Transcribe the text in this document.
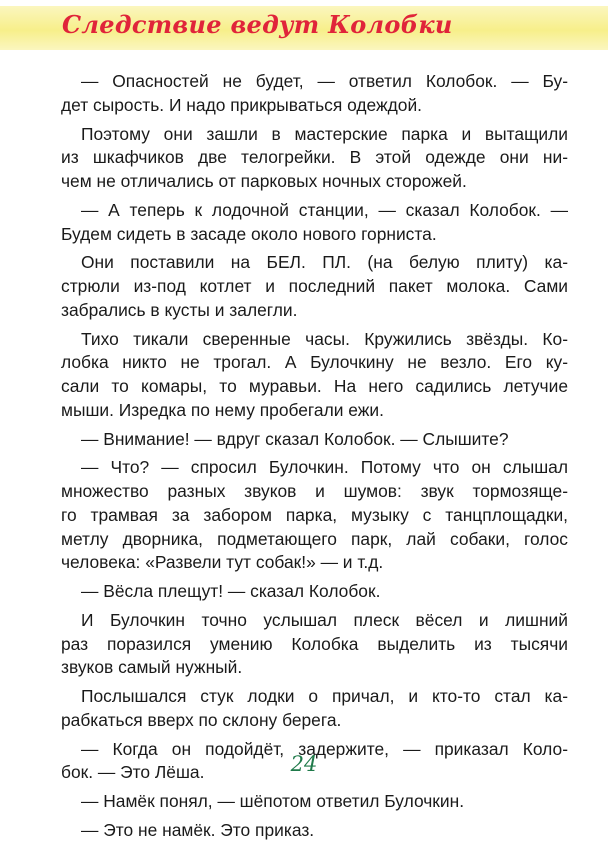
Следствие ведут Колобки
— Опасностей не будет, — ответил Колобок. — Бу-
дет сырость. И надо прикрываться одеждой.
Поэтому они зашли в мастерские парка и вытащили
из шкафчиков две телогрейки. В этой одежде они ни-
чем не отличались от парковых ночных сторожей.
— А теперь к лодочной станции, — сказал Колобок. —
Будем сидеть в засаде около нового горниста.
Они поставили на БЕЛ. ПЛ. (на белую плиту) ка-
стрюли из-под котлет и последний пакет молока. Сами
забрались в кусты и залегли.
Тихо тикали сверенные часы. Кружились звёзды. Ко-
лобка никто не трогал. А Булочкину не везло. Его ку-
сали то комары, то муравьи. На него садились летучие
мыши. Изредка по нему пробегали ежи.
— Внимание! — вдруг сказал Колобок. — Слышите?
— Что? — спросил Булочкин. Потому что он слышал
множество разных звуков и шумов: звук тормозяще-
го трамвая за забором парка, музыку с танцплощадки,
метлу дворника, подметающего парк, лай собаки, голос
человека: «Развели тут собак!» — и т.д.
— Вёсла плещут! — сказал Колобок.
И Булочкин точно услышал плеск вёсел и лишний
раз поразился умению Колобка выделить из тысячи
звуков самый нужный.
Послышался стук лодки о причал, и кто-то стал ка-
рабкаться вверх по склону берега.
— Когда он подойдёт, задержите, — приказал Коло-
бок. — Это Лёша.
— Намёк понял, — шёпотом ответил Булочкин.
— Это не намёк. Это приказ.
24
